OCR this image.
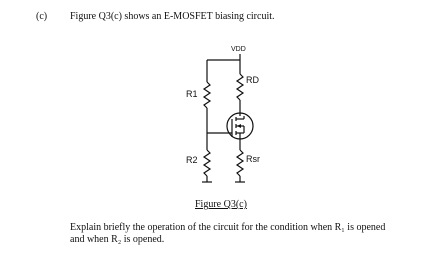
(c) Figure Q3(c) shows an E-MOSFET biasing circuit.
VDD
R1
R2
RD
Rsr
Figure Q3(c)
Explain briefly the operation of the circuit for the condition when R₁ is opened
and when R₂ is opened.
